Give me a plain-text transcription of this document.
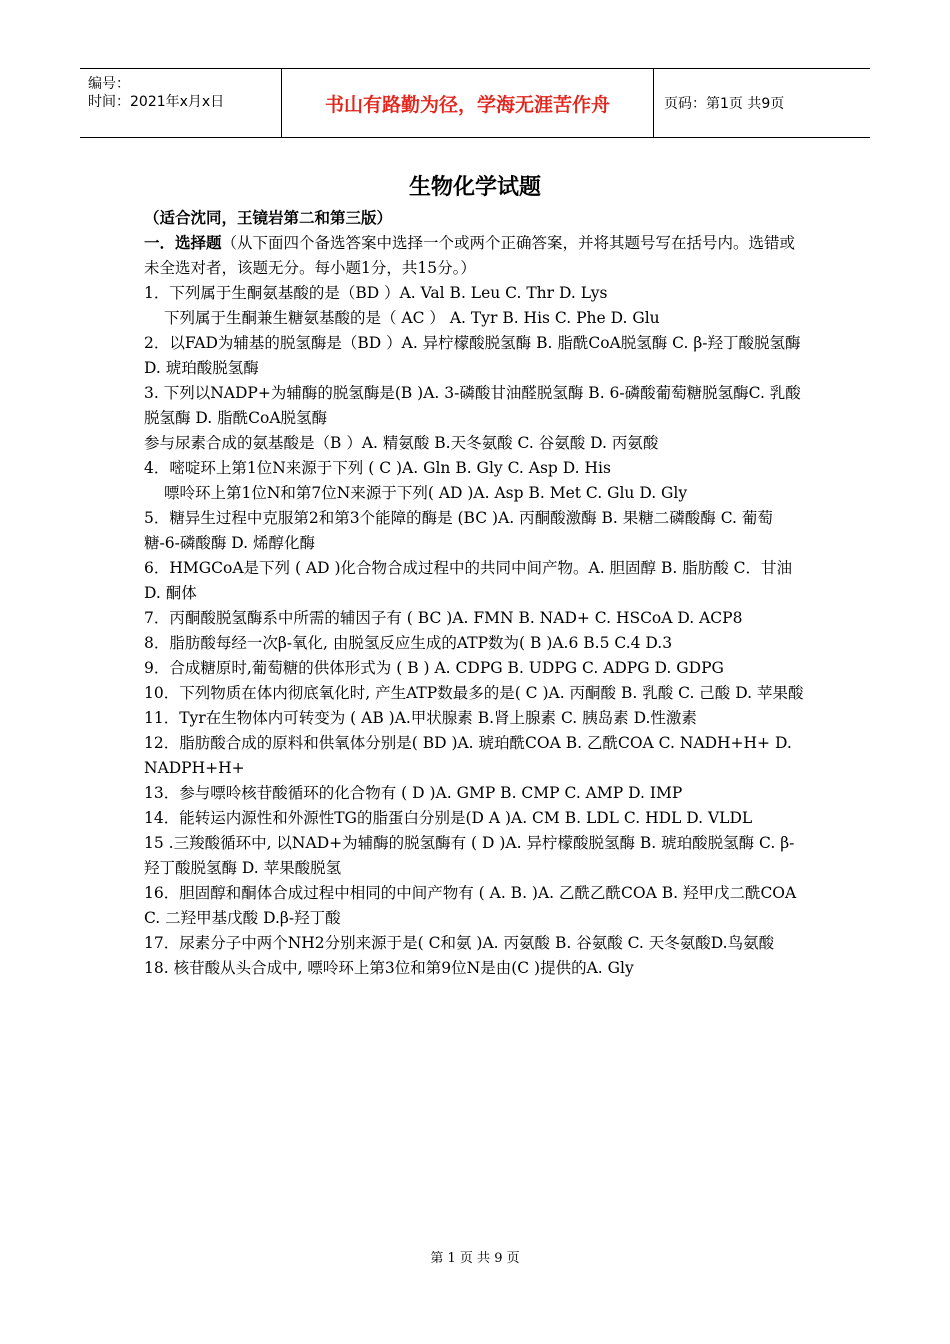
编号：
时间：2021年x月x日	书山有路勤为径，学海无涯苦作舟	页码：第1页 共9页
生物化学试题

（适合沈同，王镜岩第二和第三版）

一．选择题（从下面四个备选答案中选择一个或两个正确答案，并将其题号写在括号内。选错或未全选对者，该题无分。每小题1分，共15分。）

1．下列属于生酮氨基酸的是（BD ）A. Val B. Leu C. Thr D. Lys

下列属于生酮兼生糖氨基酸的是（ AC ） A. Tyr B. His C. Phe D. Glu

2．以FAD为辅基的脱氢酶是（BD ）A. 异柠檬酸脱氢酶 B. 脂酰CoA脱氢酶 C. β-羟丁酸脱氢酶 D. 琥珀酸脱氢酶

3. 下列以NADP+为辅酶的脱氢酶是(B )A. 3-磷酸甘油醛脱氢酶 B. 6-磷酸葡萄糖脱氢酶C. 乳酸脱氢酶 D. 脂酰CoA脱氢酶

参与尿素合成的氨基酸是（B ）A. 精氨酸 B.天冬氨酸 C. 谷氨酸 D. 丙氨酸

4．嘧啶环上第1位N来源于下列 ( C )A. Gln B. Gly C. Asp D. His

嘌呤环上第1位N和第7位N来源于下列( AD )A. Asp B. Met C. Glu D. Gly

5．糖异生过程中克服第2和第3个能障的酶是 (BC )A. 丙酮酸激酶 B. 果糖二磷酸酶 C. 葡萄糖-6-磷酸酶 D. 烯醇化酶

6．HMGCoA是下列 ( AD )化合物合成过程中的共同中间产物。A. 胆固醇 B. 脂肪酸 C．甘油 D. 酮体

7．丙酮酸脱氢酶系中所需的辅因子有 ( BC )A. FMN B. NAD+ C. HSCoA D. ACP8

8．脂肪酸每经一次β-氧化, 由脱氢反应生成的ATP数为( B )A.6 B.5 C.4 D.3

9．合成糖原时,葡萄糖的供体形式为 ( B ) A. CDPG B. UDPG C. ADPG D. GDPG

10．下列物质在体内彻底氧化时, 产生ATP数最多的是( C )A. 丙酮酸 B. 乳酸 C. 己酸 D. 苹果酸

11．Tyr在生物体内可转变为 ( AB )A.甲状腺素 B.肾上腺素 C. 胰岛素 D.性激素

12．脂肪酸合成的原料和供氧体分别是( BD )A. 琥珀酰COA B. 乙酰COA C. NADH+H+ D. NADPH+H+

13．参与嘌呤核苷酸循环的化合物有 ( D )A. GMP B. CMP C. AMP D. IMP

14．能转运内源性和外源性TG的脂蛋白分别是(D A )A. CM B. LDL C. HDL D. VLDL

15 .三羧酸循环中, 以NAD+为辅酶的脱氢酶有 ( D )A. 异柠檬酸脱氢酶 B. 琥珀酸脱氢酶 C. β-羟丁酸脱氢酶 D. 苹果酸脱氢

16．胆固醇和酮体合成过程中相同的中间产物有 ( A. B. )A. 乙酰乙酰COA B. 羟甲戊二酰COA C. 二羟甲基戊酸 D.β-羟丁酸

17．尿素分子中两个NH2分别来源于是( C和氨 )A. 丙氨酸 B. 谷氨酸 C. 天冬氨酸D.鸟氨酸

18. 核苷酸从头合成中, 嘌呤环上第3位和第9位N是由(C )提供的A. Gly

第 1 页 共 9 页
